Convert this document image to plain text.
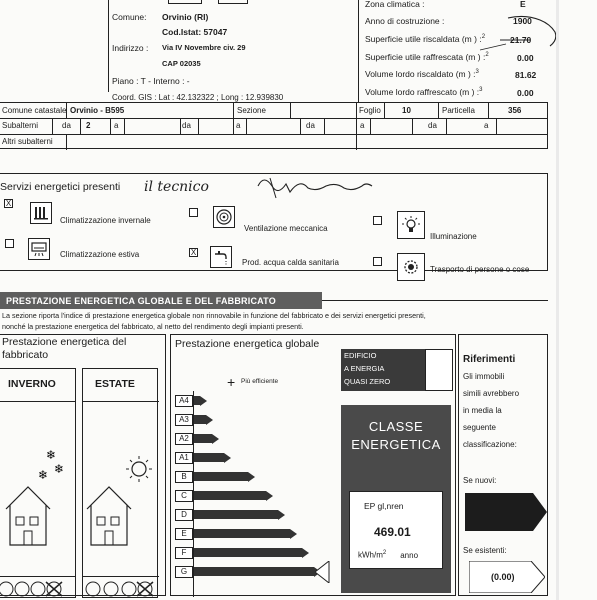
Comune: Orvinio (RI)
Cod.Istat: 57047
Indirizzo : Via IV Novembre civ. 29
CAP 02035
Piano : T - Interno : -
Coord. GIS : Lat : 42.132322 ; Long : 12.939830
Zona climatica :	E
Anno di costruzione :	1900
Superficie utile riscaldata (m ) :$^2$	21.70
Superficie utile raffrescata (m ) :$^2$	0.00
Volume lordo riscaldato (m ) :$^3$	81.62
Volume lordo raffrescato (m ) :$^3$	0.00
Comune catastale Orvinio - B595	Sezione	Foglio	10	Particella	356
Subalterni	da 2	a	da	a	da	a	da	a
Altri subalterni
Servizi energetici presenti il tecnico
X
Climatizzazione invernale
Ventilazione meccanica
Illuminazione
Climatizzazione estiva	X
Prod. acqua calda sanitaria
Trasporto di persone o cose
PRESTAZIONE ENERGETICA GLOBALE E DEL FABBRICATO
La sezione riporta l'indice di prestazione energetica globale non rinnovabile in funzione del fabbricato e dei servizi energetici presenti,
nonché la prestazione energetica del fabbricato, al netto del rendimento degli impianti presenti.
Prestazione energetica del
fabbricato
INVERNO
❄
❄
❄
ESTATE
Prestazione energetica globale
EDIFICIO
A ENERGIA
QUASI ZERO
+ Più efficiente
A4
A3
A2
A1
B
C
D
E
F
G
CLASSE
ENERGETICA
EP gl,nren
469.01
kWh/$m^2$ anno
Riferimenti
Gli immobili
simili avrebbero
in media la
seguente
classificazione:
Se nuovi:
Se esistenti:
(0.00)
